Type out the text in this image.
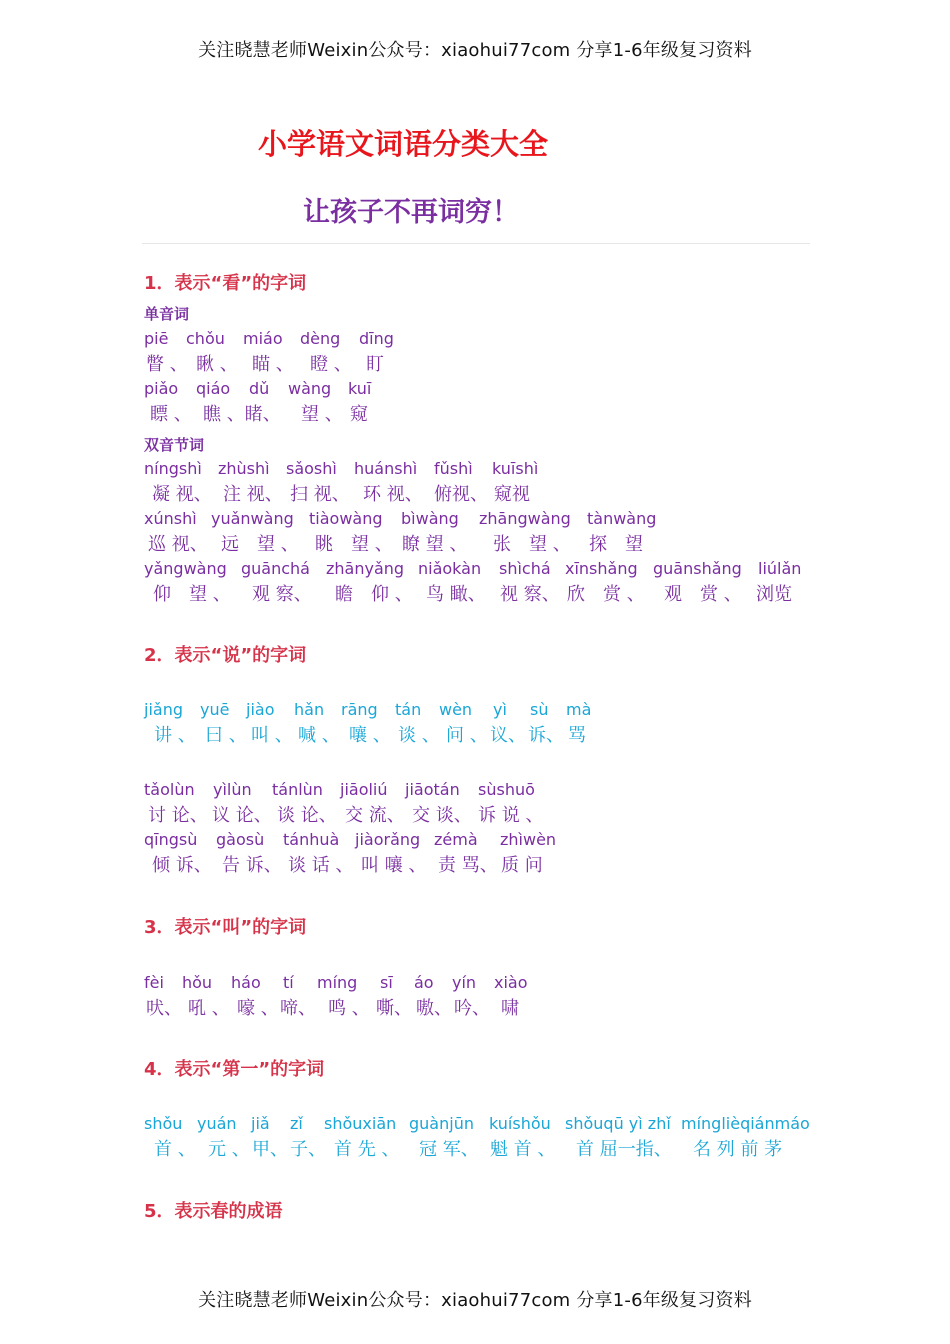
关注晓慧老师Weixin公众号：xiaohui77com 分享1-6年级复习资料
小学语文词语分类大全
让孩子不再词穷！
1．表示“看”的字词
单音词
piē chǒu miáo dèng dīng
瞥 、 瞅 、 瞄 、 瞪 、 盯
piǎo qiáo dǔ wàng kuī
瞟 、 瞧 、睹、 望 、 窥
双音节词
níngshì zhùshì sǎoshì huánshì fǔshì kuīshì
凝 视、 注 视、 扫 视、 环 视、 俯视、 窥视
xúnshì yuǎnwàng tiàowàng bìwàng zhāngwàng tànwàng
巡 视、 远　望 、 眺　望 、 瞭 望 、 张　望 、 探　望
yǎngwàng guānchá zhānyǎng niǎokàn shìchá xīnshǎng guānshǎng liúlǎn
仰　望 、 观 察、 瞻　仰 、 鸟 瞰、 视 察、 欣　赏 、 观　赏 、 浏览
2．表示“说”的字词
jiǎng yuē jiào hǎn rāng tán wèn yì sù mà
讲 、 曰 、 叫 、 喊 、 嚷 、 谈 、 问 、 议、 诉、 骂
tǎolùn yìlùn tánlùn jiāoliú jiāotán sùshuō
讨 论、 议 论、 谈 论、 交 流、 交 谈、 诉 说 、
qīngsù gàosù tánhuà jiàorǎng zémà zhìwèn
倾 诉、 告 诉、 谈 话 、 叫 嚷 、 责 骂、 质 问
3．表示“叫”的字词
fèi hǒu háo tí míng sī áo yín xiào
吠、 吼 、 嚎 、 啼、 鸣 、 嘶、 嗷、 吟、 啸
4．表示“第一”的字词
shǒu yuán jiǎ zǐ shǒuxiān guànjūn kuíshǒu shǒuqū yì zhǐ mínglièqiánmáo
首 、 元 、 甲、 子、 首 先 、 冠 军、 魁 首 、 首 屈一指、 名 列 前 茅
5．表示春的成语
关注晓慧老师Weixin公众号：xiaohui77com 分享1-6年级复习资料
